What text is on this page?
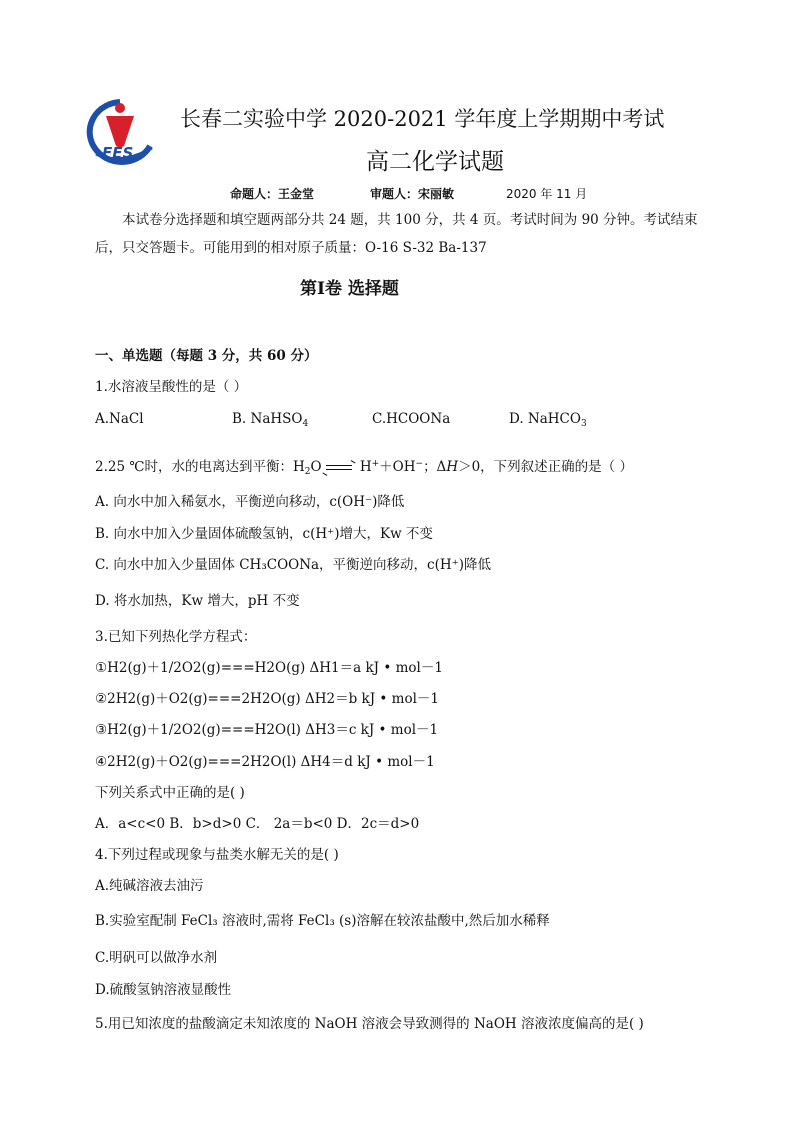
FES
长春二实验中学 2020-2021 学年度上学期期中考试
高二化学试题
命题人：王金堂	审题人：宋丽敏	2020 年 11 月
本试卷分选择题和填空题两部分共 24 题，共 100 分，共 4 页。考试时间为 90 分钟。考试结束
后，只交答题卡。可能用到的相对原子质量：O-16 S-32 Ba-137
第Ⅰ卷 选择题
一、单选题（每题 3 分，共 60 分）
1.水溶液呈酸性的是（ ）
A.NaCl	B. NaHSO$_4$	C.HCOONa	D. NaHCO$_3$
2.25 ℃时，水的电离达到平衡：$H_2O \to H^++OH^-$；ΔH＞0，下列叙述正确的是（ ）
A. 向水中加入稀氨水，平衡逆向移动，c(OH⁻)降低
B. 向水中加入少量固体硫酸氢钠，c(H⁺)增大，Kw 不变
C. 向水中加入少量固体 CH₃COONa，平衡逆向移动，c(H⁺)降低
D. 将水加热，Kw 增大，pH 不变
3.已知下列热化学方程式：
①H2(g)＋1/2O2(g)===H2O(g) ΔH1＝a kJ • mol－1
②2H2(g)＋O2(g)===2H2O(g) ΔH2＝b kJ • mol－1
③H2(g)＋1/2O2(g)===H2O(l) ΔH3＝c kJ • mol－1
④2H2(g)＋O2(g)===2H2O(l) ΔH4＝d kJ • mol－1
下列关系式中正确的是( )
A．a<c<0 B．b>d>0 C． 2a＝b<0 D．2c＝d>0
4.下列过程或现象与盐类水解无关的是( )
A.纯碱溶液去油污
B.实验室配制 FeCl₃ 溶液时,需将 FeCl₃ (s)溶解在较浓盐酸中,然后加水稀释
C.明矾可以做净水剂
D.硫酸氢钠溶液显酸性
5.用已知浓度的盐酸滴定未知浓度的 NaOH 溶液会导致测得的 NaOH 溶液浓度偏高的是( )
